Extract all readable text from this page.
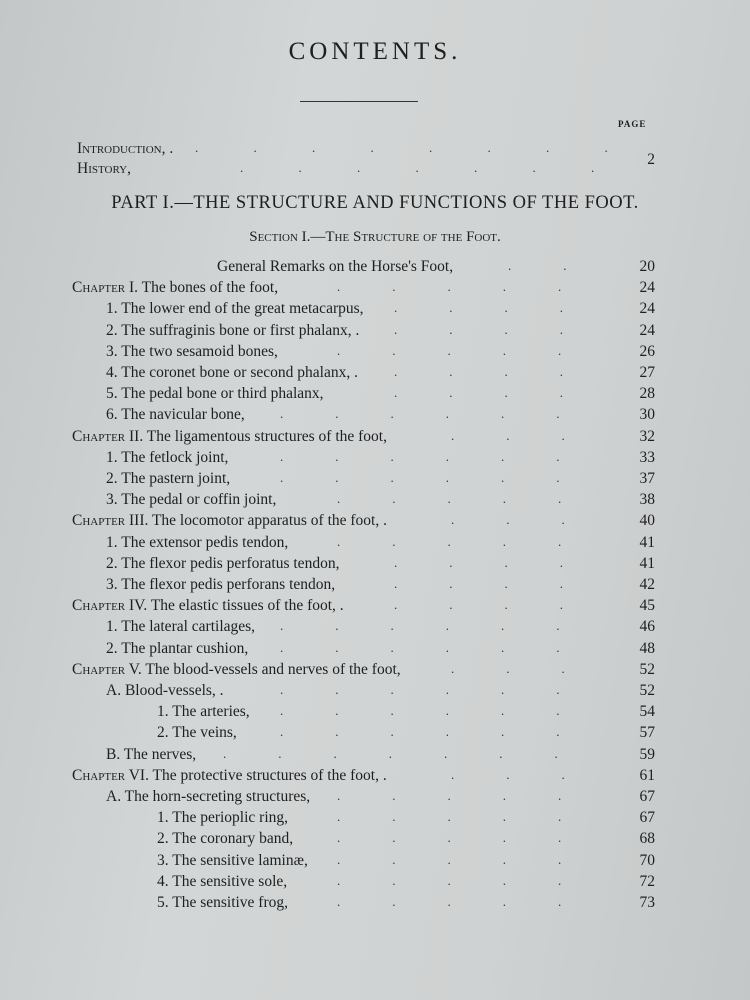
CONTENTS.
PAGE
Introduction, . . . . . . . . .
History,	. . . . . . . 2
PART I.—THE STRUCTURE AND FUNCTIONS OF THE FOOT.
Section I.—The Structure of the Foot.
General Remarks on the Horse's Foot,	20
..
Chapter I. The bones of the foot,	24
.....
1. The lower end of the great metacarpus,	24
....
2. The suffraginis bone or first phalanx, .	24
....
3. The two sesamoid bones,	26
.....
4. The coronet bone or second phalanx, .	27
....
5. The pedal bone or third phalanx,	28
....
6. The navicular bone,	30
......
Chapter II. The ligamentous structures of the foot,	32
...
1. The fetlock joint,	33
......
2. The pastern joint,	37
......
3. The pedal or coffin joint,	38
.....
Chapter III. The locomotor apparatus of the foot, .	40
...
1. The extensor pedis tendon,	41
.....
2. The flexor pedis perforatus tendon,	41
....
3. The flexor pedis perforans tendon,	42
....
Chapter IV. The elastic tissues of the foot, .	45
....
1. The lateral cartilages,	46
......
2. The plantar cushion,	48
......
Chapter V. The blood-vessels and nerves of the foot,	52
...
A. Blood-vessels, .	52
......
1. The arteries,	54
......
2. The veins,	57
......
B. The nerves,	59
.......
Chapter VI. The protective structures of the foot, .	61
...
A. The horn-secreting structures,	67
.....
1. The perioplic ring,	67
.....
2. The coronary band,	68
.....
3. The sensitive laminæ,	70
.....
4. The sensitive sole,	72
.....
5. The sensitive frog,	73
.....
